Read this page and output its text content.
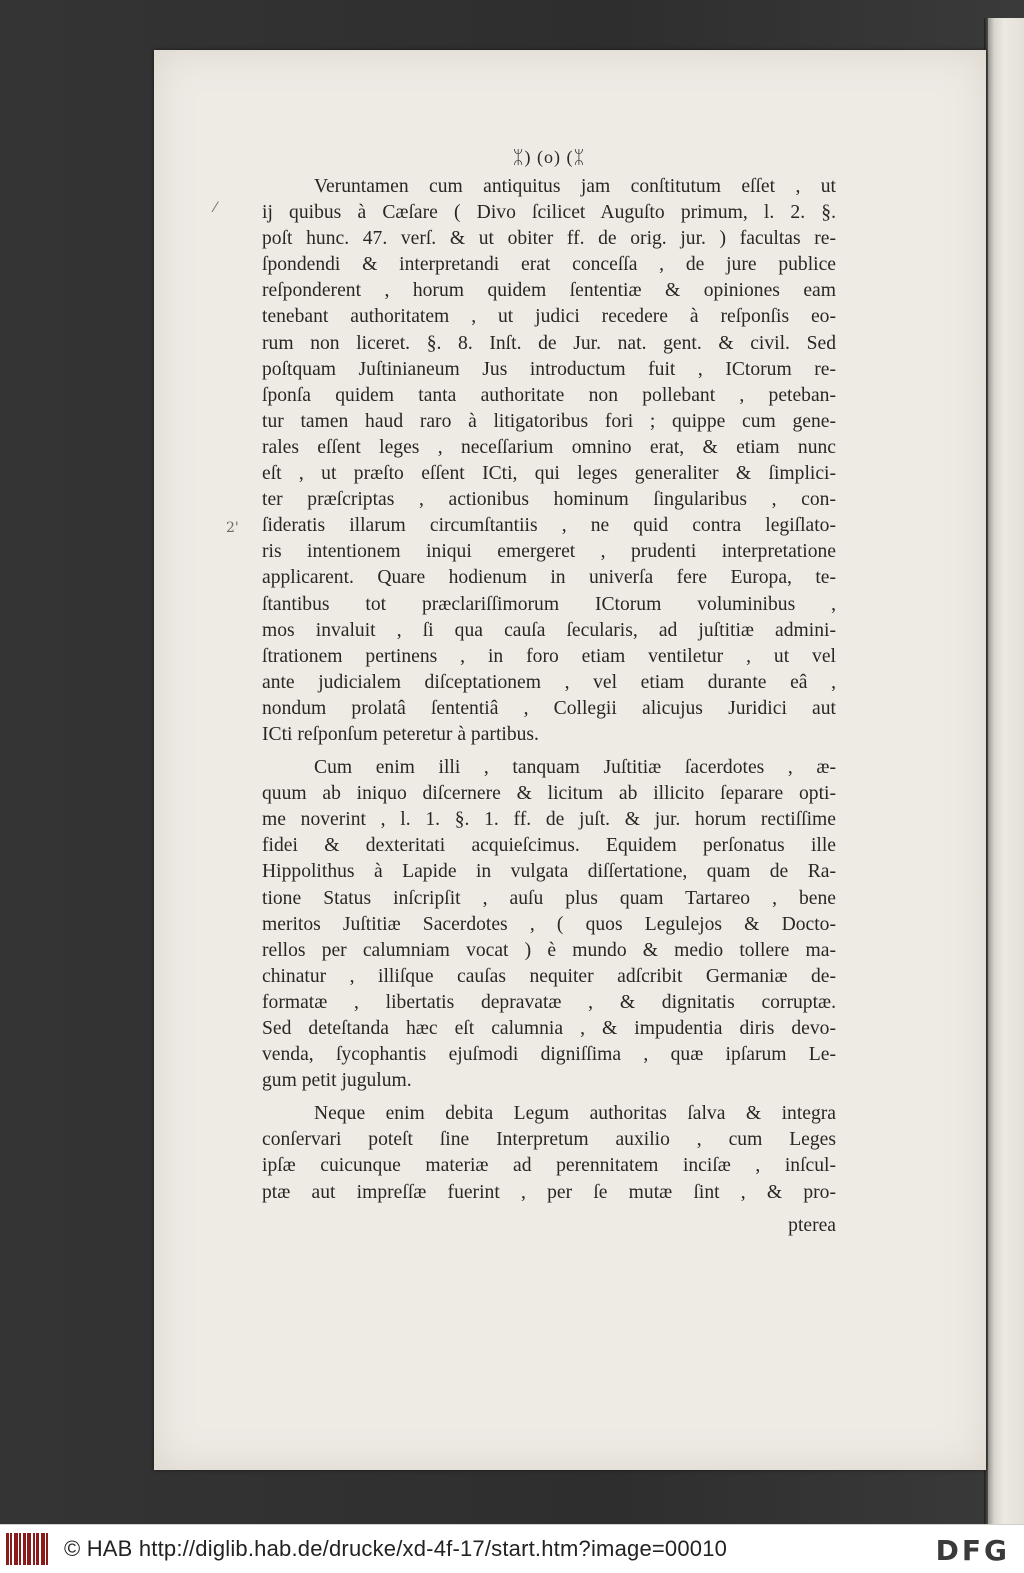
⁄
2'
ᛯ) (o) (ᛯ
Veruntamen cum antiquitus jam conſtitutum eſſet , ut
ij quibus à Cæſare ( Divo ſcilicet Auguſto primum, l. 2. §.
poſt hunc. 47. verſ. & ut obiter ff. de orig. jur. ) facultas re-
ſpondendi & interpretandi erat conceſſa , de jure publice
reſponderent , horum quidem ſententiæ & opiniones eam
tenebant authoritatem , ut judici recedere à reſponſis eo-
rum non liceret. §. 8. Inſt. de Jur. nat. gent. & civil. Sed
poſtquam Juſtinianeum Jus introductum fuit , ICtorum re-
ſponſa quidem tanta authoritate non pollebant , peteban-
tur tamen haud raro à litigatoribus fori ; quippe cum gene-
rales eſſent leges , neceſſarium omnino erat, & etiam nunc
eſt , ut præſto eſſent ICti, qui leges generaliter & ſimplici-
ter præſcriptas , actionibus hominum ſingularibus , con-
ſideratis illarum circumſtantiis , ne quid contra legiſlato-
ris intentionem iniqui emergeret , prudenti interpretatione
applicarent. Quare hodienum in univerſa fere Europa, te-
ſtantibus tot præclariſſimorum ICtorum voluminibus ,
mos invaluit , ſi qua cauſa ſecularis, ad juſtitiæ admini-
ſtrationem pertinens , in foro etiam ventiletur , ut vel
ante judicialem diſceptationem , vel etiam durante eâ ,
nondum prolatâ ſententiâ , Collegii alicujus Juridici aut
ICti reſponſum peteretur à partibus.
Cum enim illi , tanquam Juſtitiæ ſacerdotes , æ-
quum ab iniquo diſcernere & licitum ab illicito ſeparare opti-
me noverint , l. 1. §. 1. ff. de juſt. & jur. horum rectiſſime
fidei & dexteritati acquieſcimus. Equidem perſonatus ille
Hippolithus à Lapide in vulgata diſſertatione, quam de Ra-
tione Status inſcripſit , auſu plus quam Tartareo , bene
meritos Juſtitiæ Sacerdotes , ( quos Legulejos & Docto-
rellos per calumniam vocat ) è mundo & medio tollere ma-
chinatur , illiſque cauſas nequiter adſcribit Germaniæ de-
formatæ , libertatis depravatæ , & dignitatis corruptæ.
Sed deteſtanda hæc eſt calumnia , & impudentia diris devo-
venda, ſycophantis ejuſmodi digniſſima , quæ ipſarum Le-
gum petit jugulum.
Neque enim debita Legum authoritas ſalva & integra
conſervari poteſt ſine Interpretum auxilio , cum Leges
ipſæ cuicunque materiæ ad perennitatem inciſæ , inſcul-
ptæ aut impreſſæ fuerint , per ſe mutæ ſint , & pro-
pterea
© HAB http://diglib.hab.de/drucke/xd-4f-17/start.htm?image=00010	DFG
